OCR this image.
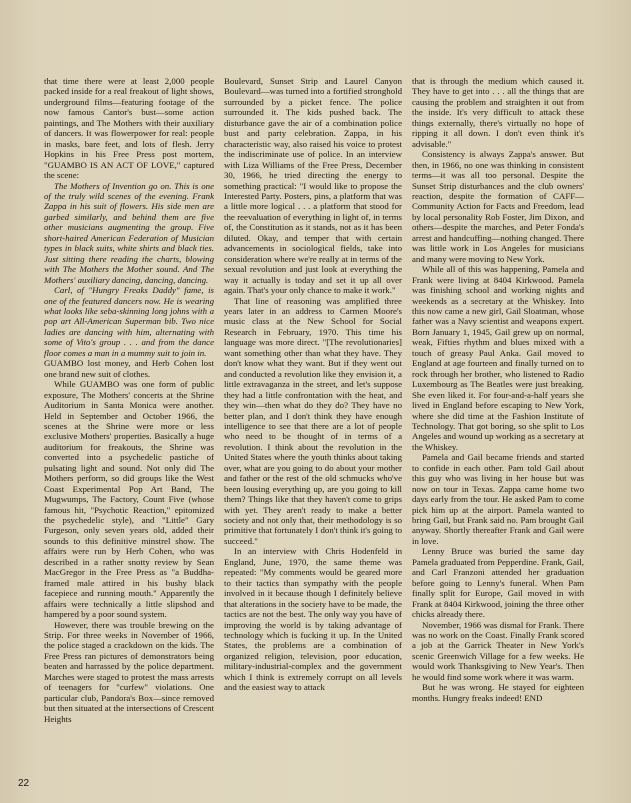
that time there were at least 2,000 people packed inside for a real freakout of light shows, underground films—featuring footage of the now famous Cantor's bust—some action paintings, and The Mothers with their auxiliary of dancers. It was flowerpower for real: people in masks, bare feet, and lots of flesh. Jerry Hopkins in his Free Press post mortem, "GUAMBO IS AN ACT OF LOVE," captured the scene:

The Mothers of Invention go on. This is one of the truly wild scenes of the evening. Frank Zappa in his suit of flowers. His side men are garbed similarly, and behind them are five other musicians augmenting the group. Five short-haired American Federation of Musician types in black suits, white shirts and black ties. Just sitting there reading the charts, blowing with The Mothers the Mother sound. And The Mothers' auxiliary dancing, dancing, dancing.

Carl, of "Hungry Freaks Daddy" fame, is one of the featured dancers now. He is wearing what looks like seba-skinning long johns with a pop art All-American Superman bib. Two nice ladies are dancing with him, alternating with some of Vito's group . . . and from the dance floor comes a man in a mummy suit to join in.

GUAMBO lost money, and Herb Cohen lost one brand new suit of clothes.

While GUAMBO was one form of public exposure, The Mothers' concerts at the Shrine Auditorium in Santa Monica were another. Held in September and October 1966, the scenes at the Shrine were more or less exclusive Mothers' properties. Basically a huge auditorium for freakouts, the Shrine was converted into a psychedelic pastiche of pulsating light and sound. Not only did The Mothers perform, so did groups like the West Coast Experimental Pop Art Band, The Mugwumps, The Factory, Count Five (whose famous hit, "Psychotic Reaction," epitomized the psychedelic style), and "Little" Gary Furgeson, only seven years old, added their sounds to this definitive minstrel show. The affairs were run by Herb Cohen, who was described in a rather snotty review by Sean MacGregor in the Free Press as "a Buddha-framed male attired in his bushy black facepiece and running mouth." Apparently the affairs were technically a little slipshod and hampered by a poor sound system.

However, there was trouble brewing on the Strip. For three weeks in November of 1966, the police staged a crackdown on the kids. The Free Press ran pictures of demonstrators being beaten and harrassed by the police department. Marches were staged to protest the mass arrests of teenagers for "curfew" violations. One particular club, Pandora's Box—since removed but then situated at the intersections of Crescent Heights

Boulevard, Sunset Strip and Laurel Canyon Boulevard—was turned into a fortified stronghold surrounded by a picket fence. The police surrounded it. The kids pushed back. The disturbance gave the air of a combination police bust and party celebration. Zappa, in his characteristic way, also raised his voice to protest the indiscriminate use of police. In an interview with Liza Williams of the Free Press, December 30, 1966, he tried directing the energy to something practical: "I would like to propose the Interested Party. Posters, pins, a platform that was a little more logical . . . a platform that stood for the reevaluation of everything in light of, in terms of, the Constitution as it stands, not as it has been diluted. Okay, and temper that with certain advancements in sociological fields, take into consideration where we're really at in terms of the sexual revolution and just look at everything the way it actually is today and set it up all over again. That's your only chance to make it work."

That line of reasoning was amplified three years later in an address to Carmen Moore's music class at the New School for Social Research in February, 1970. This time his language was more direct. "[The revolutionaries] want something other than what they have. They don't know what they want. But if they went out and conducted a revolution like they envision it, a little extravaganza in the street, and let's suppose they had a little confrontation with the heat, and they win—then what do they do? They have no better plan, and I don't think they have enough intelligence to see that there are a lot of people who need to be thought of in terms of a revolution. I think about the revolution in the United States where the youth thinks about taking over, what are you going to do about your mother and father or the rest of the old schmucks who've been lousing everything up, are you going to kill them? Things like that they haven't come to grips with yet. They aren't ready to make a better society and not only that, their methodology is so primitive that fortunately I don't think it's going to succeed."

In an interview with Chris Hodenfeld in England, June, 1970, the same theme was repeated: "My comments would be geared more to their tactics than sympathy with the people involved in it because though I definitely believe that alterations in the society have to be made, the tactics are not the best. The only way you have of improving the world is by taking advantage of technology which is fucking it up. In the United States, the problems are a combination of organized religion, television, poor education, military-industrial-complex and the government which I think is extremely corrupt on all levels and the easiest way to attack

that is through the medium which caused it. They have to get into . . . all the things that are causing the problem and straighten it out from the inside. It's very difficult to attack these things externally, there's virtually no hope of ripping it all down. I don't even think it's advisable."

Consistency is always Zappa's answer. But then, in 1966, no one was thinking in consistent terms—it was all too personal. Despite the Sunset Strip disturbances and the club owners' reaction, despite the formation of CAFF—Community Action for Facts and Freedom, lead by local personality Rob Foster, Jim Dixon, and others—despite the marches, and Peter Fonda's arrest and handcuffing—nothing changed. There was little work in Los Angeles for musicians and many were moving to New York.

While all of this was happening, Pamela and Frank were living at 8404 Kirkwood. Pamela was finishing school and working nights and weekends as a secretary at the Whiskey. Into this now came a new girl, Gail Sloatman, whose father was a Navy scientist and weapons expert. Born January 1, 1945, Gail grew up on normal, weak, Fifties rhythm and blues mixed with a touch of greasy Paul Anka. Gail moved to England at age fourteen and finally turned on to rock through her brother, who listened to Radio Luxembourg as The Beatles were just breaking. She even liked it. For four-and-a-half years she lived in England before escaping to New York, where she did time at the Fashion Institute of Technology. That got boring, so she split to Los Angeles and wound up working as a secretary at the Whiskey.

Pamela and Gail became friends and started to confide in each other. Pam told Gail about this guy who was living in her house but was now on tour in Texas. Zappa came home two days early from the tour. He asked Pam to come pick him up at the airport. Pamela wanted to bring Gail, but Frank said no. Pam brought Gail anyway. Shortly thereafter Frank and Gail were in love.

Lenny Bruce was buried the same day Pamela graduated from Pepperdine. Frank, Gail, and Carl Franzoni attended her graduation before going to Lenny's funeral. When Pam finally split for Europe, Gail moved in with Frank at 8404 Kirkwood, joining the three other chicks already there.

November, 1966 was dismal for Frank. There was no work on the Coast. Finally Frank scored a job at the Garrick Theater in New York's scenic Greenwich Village for a few weeks. He would work Thanksgiving to New Year's. Then he would find some work where it was warm.

But he was wrong. He stayed for eighteen months. Hungry freaks indeed! END

22
